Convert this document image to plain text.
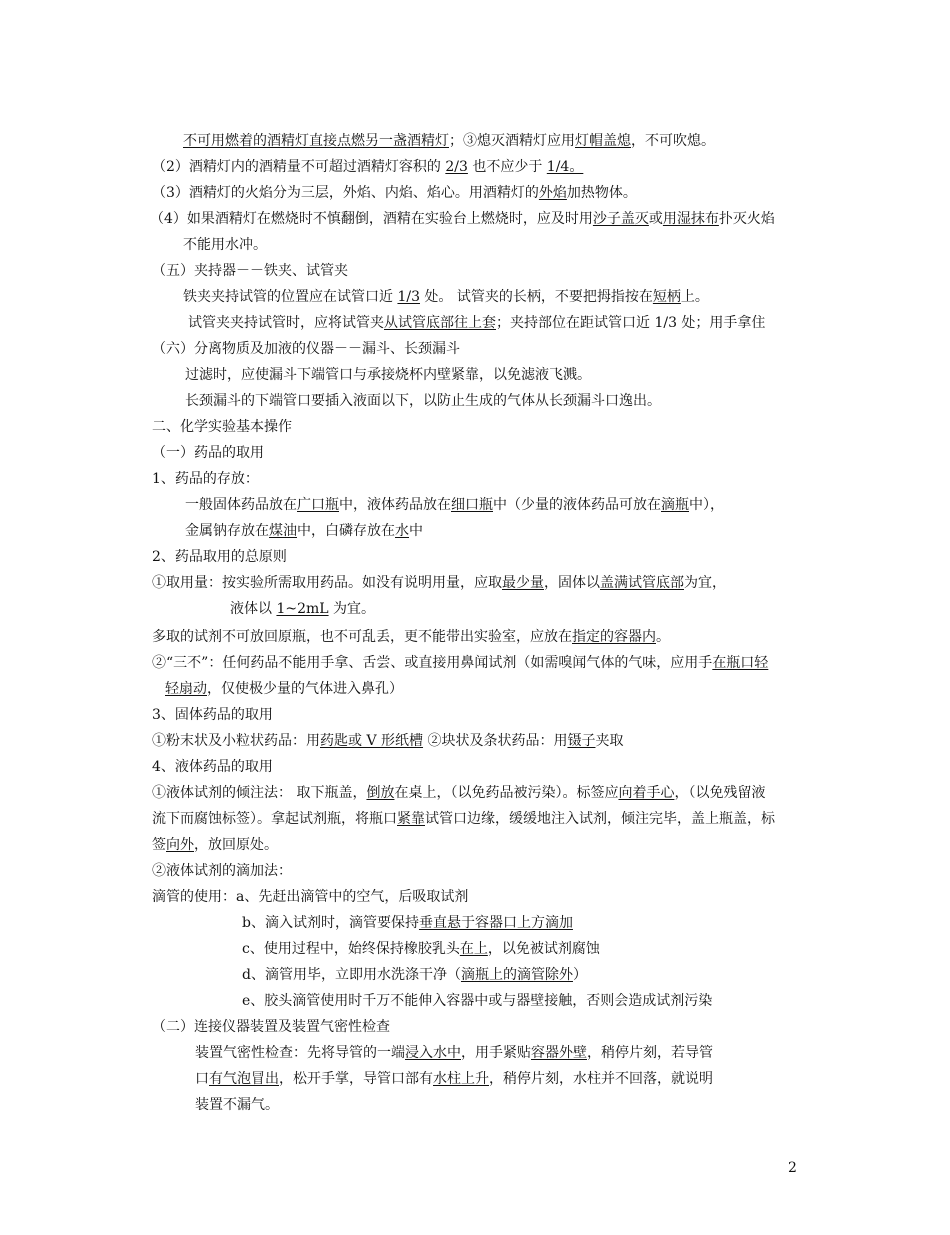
不可用燃着的酒精灯直接点燃另一盏酒精灯；③熄灭酒精灯应用灯帽盖熄，不可吹熄。
（2）酒精灯内的酒精量不可超过酒精灯容积的 2/3 也不应少于 1/4。
（3）酒精灯的火焰分为三层，外焰、内焰、焰心。用酒精灯的外焰加热物体。
（4）如果酒精灯在燃烧时不慎翻倒，酒精在实验台上燃烧时，应及时用沙子盖灭或用湿抹布扑灭火焰
不能用水冲。
（五）夹持器－－铁夹、试管夹
铁夹夹持试管的位置应在试管口近 1/3 处。 试管夹的长柄，不要把拇指按在短柄上。
试管夹夹持试管时，应将试管夹从试管底部往上套；夹持部位在距试管口近 1/3 处；用手拿住
（六）分离物质及加液的仪器－－漏斗、长颈漏斗
过滤时，应使漏斗下端管口与承接烧杯内壁紧靠，以免滤液飞溅。
长颈漏斗的下端管口要插入液面以下，以防止生成的气体从长颈漏斗口逸出。
二、化学实验基本操作
（一）药品的取用
1、药品的存放：
一般固体药品放在广口瓶中，液体药品放在细口瓶中（少量的液体药品可放在滴瓶中），
金属钠存放在煤油中，白磷存放在水中
2、药品取用的总原则
①取用量：按实验所需取用药品。如没有说明用量，应取最少量，固体以盖满试管底部为宜，
液体以 1~2mL 为宜。
多取的试剂不可放回原瓶，也不可乱丢，更不能带出实验室，应放在指定的容器内。
②“三不”：任何药品不能用手拿、舌尝、或直接用鼻闻试剂（如需嗅闻气体的气味，应用手在瓶口轻
轻扇动，仅使极少量的气体进入鼻孔）
3、固体药品的取用
①粉末状及小粒状药品：用药匙或 V 形纸槽 ②块状及条状药品：用镊子夹取
4、液体药品的取用
①液体试剂的倾注法： 取下瓶盖，倒放在桌上，（以免药品被污染）。标签应向着手心，（以免残留液
流下而腐蚀标签）。拿起试剂瓶，将瓶口紧靠试管口边缘，缓缓地注入试剂，倾注完毕，盖上瓶盖，标
签向外，放回原处。
②液体试剂的滴加法：
滴管的使用：a、先赶出滴管中的空气，后吸取试剂
b、滴入试剂时，滴管要保持垂直悬于容器口上方滴加
c、使用过程中，始终保持橡胶乳头在上，以免被试剂腐蚀
d、滴管用毕，立即用水洗涤干净（滴瓶上的滴管除外）
e、胶头滴管使用时千万不能伸入容器中或与器壁接触，否则会造成试剂污染
（二）连接仪器装置及装置气密性检查
装置气密性检查：先将导管的一端浸入水中，用手紧贴容器外壁，稍停片刻，若导管
口有气泡冒出，松开手掌，导管口部有水柱上升，稍停片刻，水柱并不回落，就说明
装置不漏气。
2
